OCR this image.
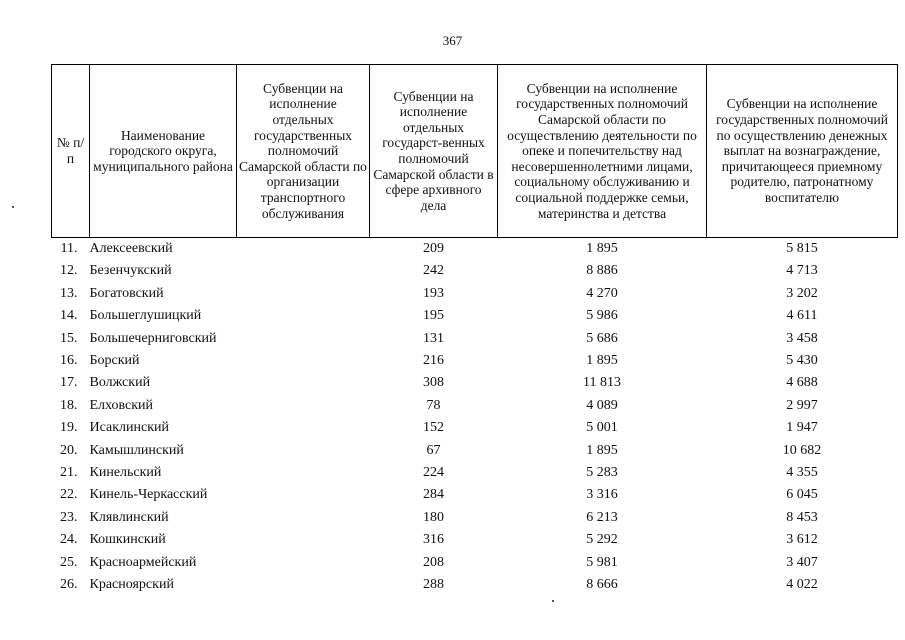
367
№ п/п	Наименование городского округа, муниципального района	Субвенции на исполнение отдельных государственных полномочий Самарской области по организации транспортного обслуживания	Субвенции на исполнение отдельных государст-венных полномочий Самарской области в сфере архивного дела	Субвенции на исполнение государственных полномочий Самарской области по осуществлению деятельности по опеке и попечительству над несовершеннолетними лицами, социальному обслуживанию и социальной поддержке семьи, материнства и детства	Субвенции на исполнение государственных полномочий по осуществлению денежных выплат на вознаграждение, причитающееся приемному родителю, патронатному воспитателю
11.	Алексеевский		209	1 895	5 815
12.	Безенчукский		242	8 886	4 713
13.	Богатовский		193	4 270	3 202
14.	Большеглушицкий		195	5 986	4 611
15.	Большечерниговский		131	5 686	3 458
16.	Борский		216	1 895	5 430
17.	Волжский		308	11 813	4 688
18.	Елховский		78	4 089	2 997
19.	Исаклинский		152	5 001	1 947
20.	Камышлинский		67	1 895	10 682
21.	Кинельский		224	5 283	4 355
22.	Кинель-Черкасский		284	3 316	6 045
23.	Клявлинский		180	6 213	8 453
24.	Кошкинский		316	5 292	3 612
25.	Красноармейский		208	5 981	3 407
26.	Красноярский		288	8 666	4 022
